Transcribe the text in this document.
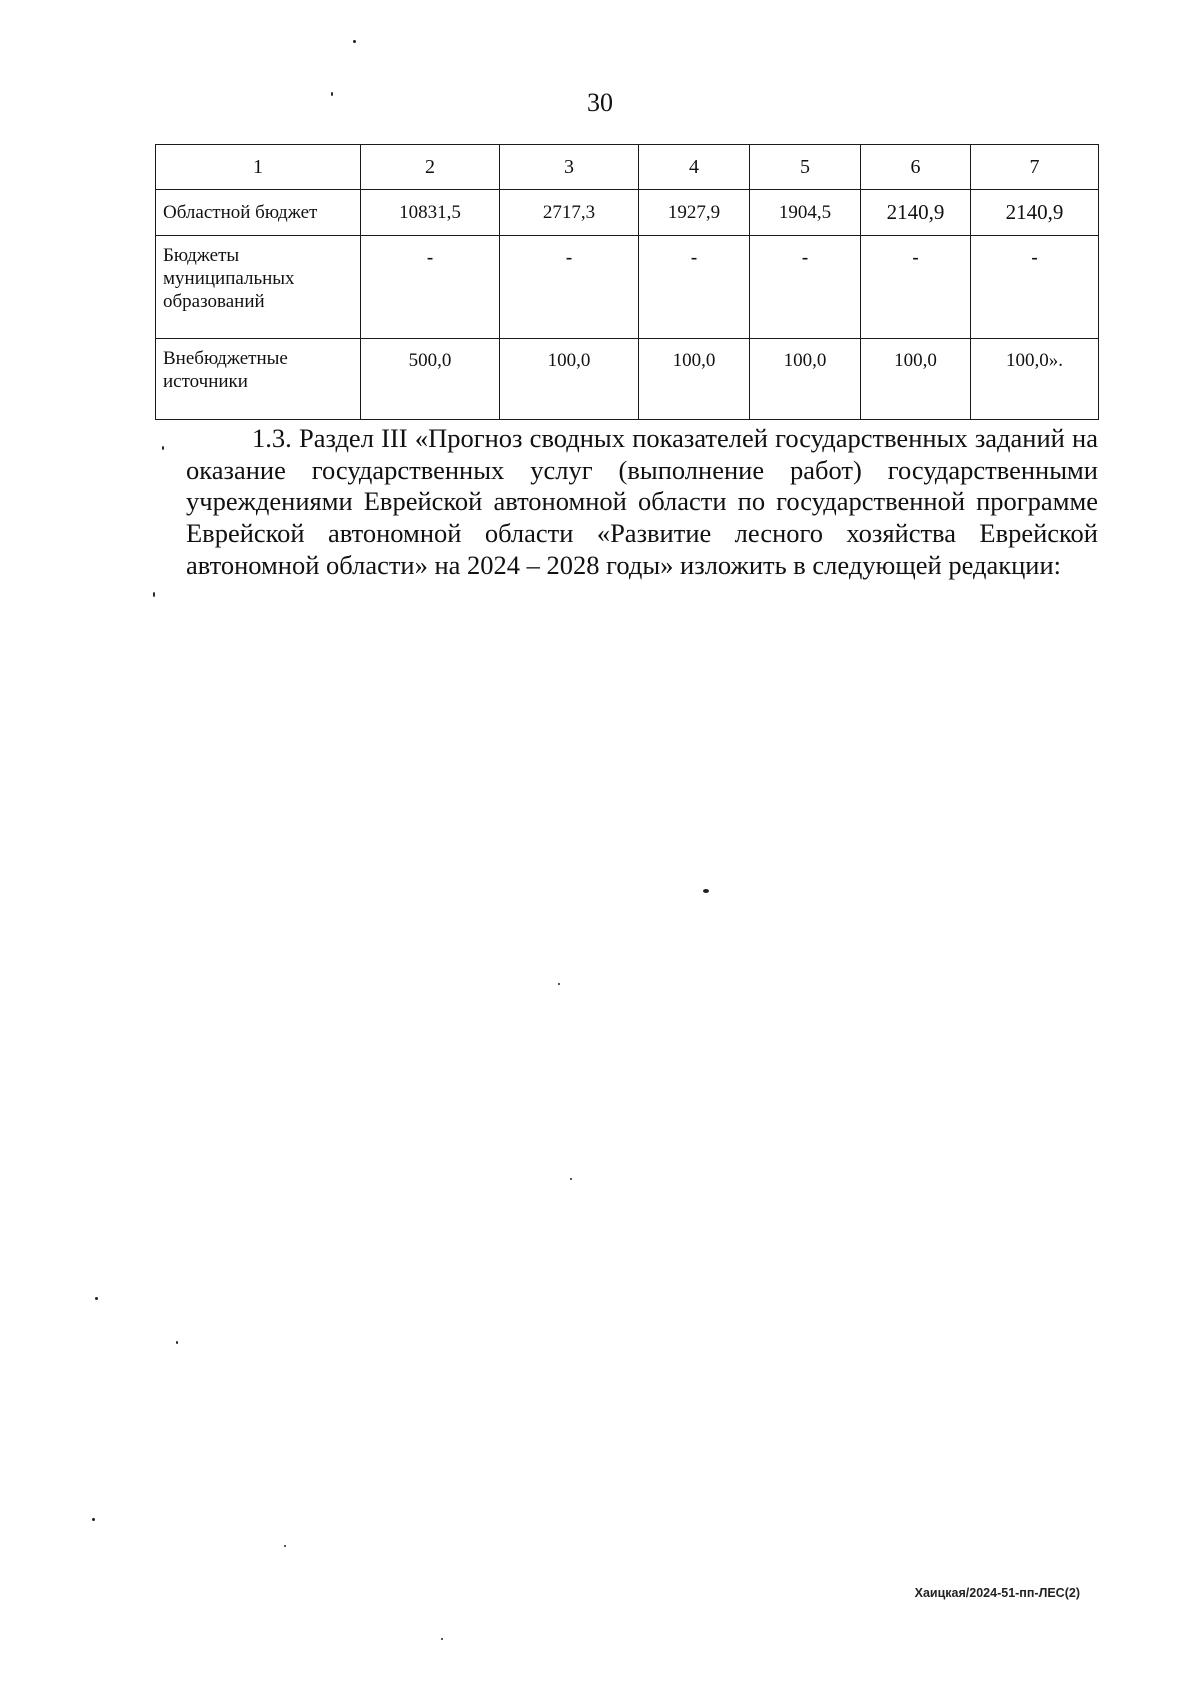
30
1	2	3	4	5	6	7
Областной бюджет	10831,5	2717,3	1927,9	1904,5	2140,9	2140,9
Бюджеты муниципальных образований	-	-	-	-	-	-
Внебюджетные источники	500,0	100,0	100,0	100,0	100,0	100,0».

1.3. Раздел III «Прогноз сводных показателей государственных заданий на оказание государственных услуг (выполнение работ) государственными учреждениями Еврейской автономной области по государственной программе Еврейской автономной области «Развитие лесного хозяйства Еврейской автономной области» на 2024 – 2028 годы» изложить в следующей редакции:

Хаицкая/2024-51-пп-ЛЕС(2)
